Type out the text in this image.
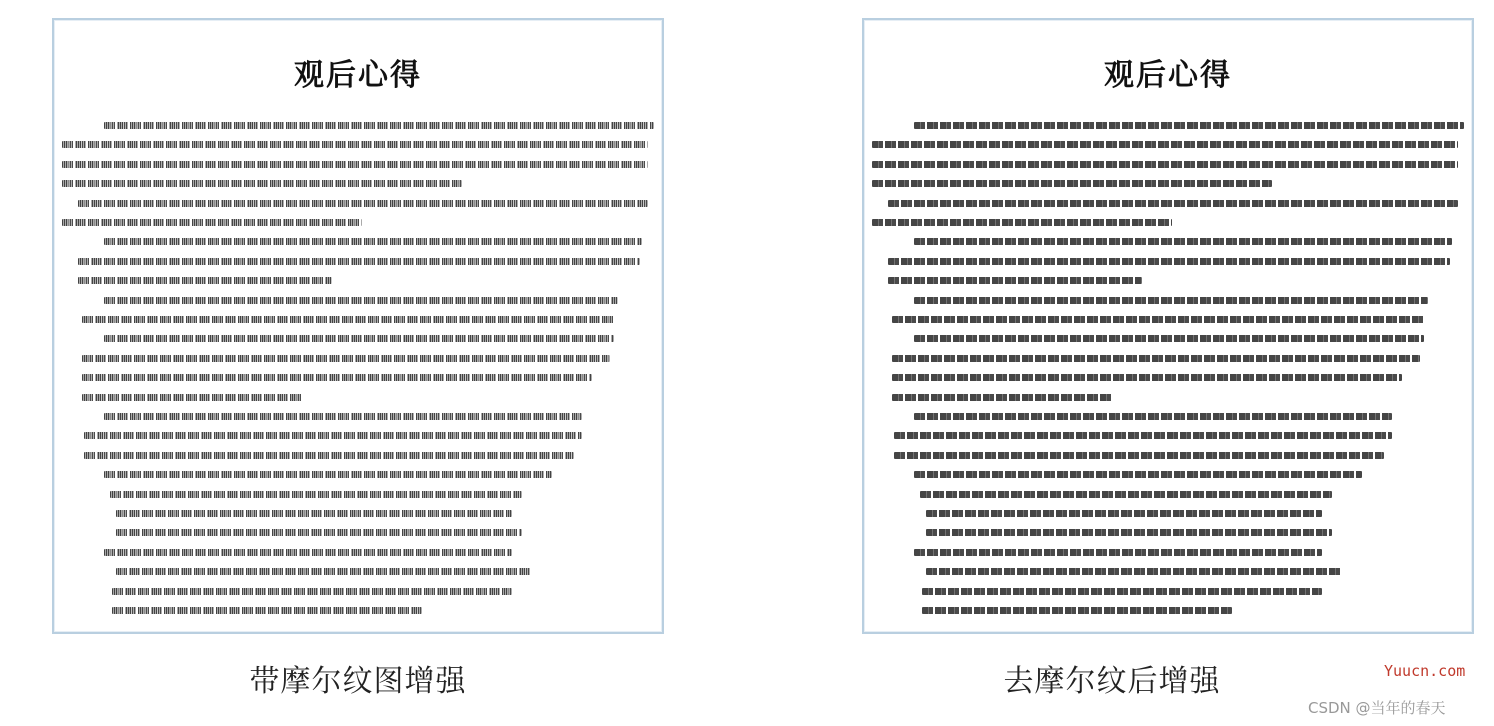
观后心得	观后心得
带摩尔纹图增强	去摩尔纹后增强	Yuucn.com
CSDN @当年的春天
